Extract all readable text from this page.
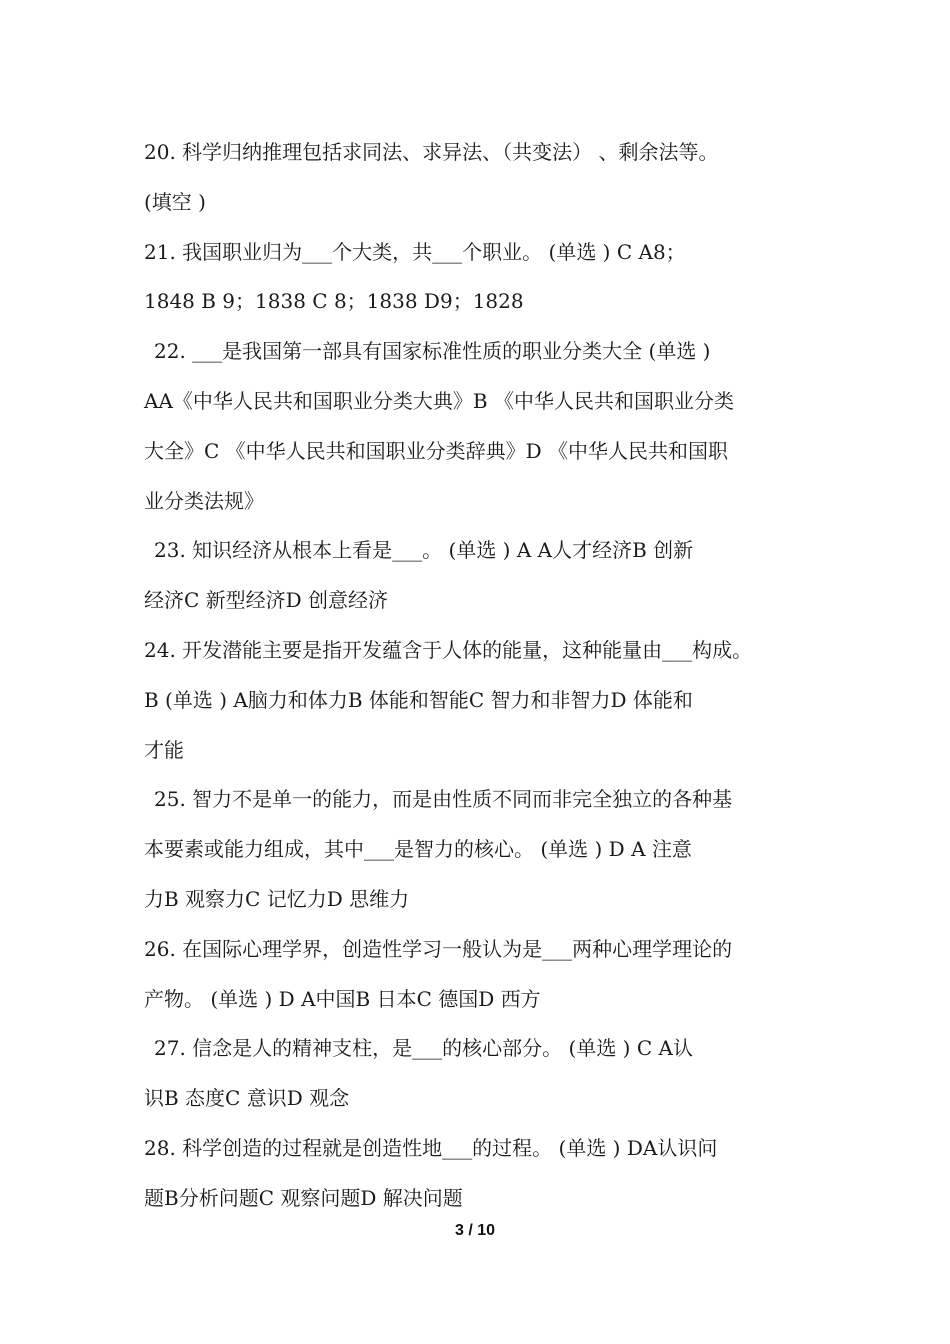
20. 科学归纳推理包括求同法、求异法、（共变法） 、剩余法等。
(填空 )
21. 我国职业归为___个大类，共___个职业。 (单选 ) C A8；
1848 B 9；1838 C 8；1838 D9；1828
22. ___是我国第一部具有国家标准性质的职业分类大全 (单选 )
AA《中华人民共和国职业分类大典》B 《中华人民共和国职业分类
大全》C 《中华人民共和国职业分类辞典》D 《中华人民共和国职
业分类法规》
23. 知识经济从根本上看是___。 (单选 ) A A人才经济B 创新
经济C 新型经济D 创意经济
24. 开发潜能主要是指开发蕴含于人体的能量，这种能量由___构成。
B (单选 ) A脑力和体力B 体能和智能C 智力和非智力D 体能和
才能
25. 智力不是单一的能力，而是由性质不同而非完全独立的各种基
本要素或能力组成，其中___是智力的核心。 (单选 ) D A 注意
力B 观察力C 记忆力D 思维力
26. 在国际心理学界，创造性学习一般认为是___两种心理学理论的
产物。 (单选 ) D A中国B 日本C 德国D 西方
27. 信念是人的精神支柱，是___的核心部分。 (单选 ) C A认
识B 态度C 意识D 观念
28. 科学创造的过程就是创造性地___的过程。 (单选 ) DA认识问
题B分析问题C 观察问题D 解决问题
3 / 10
